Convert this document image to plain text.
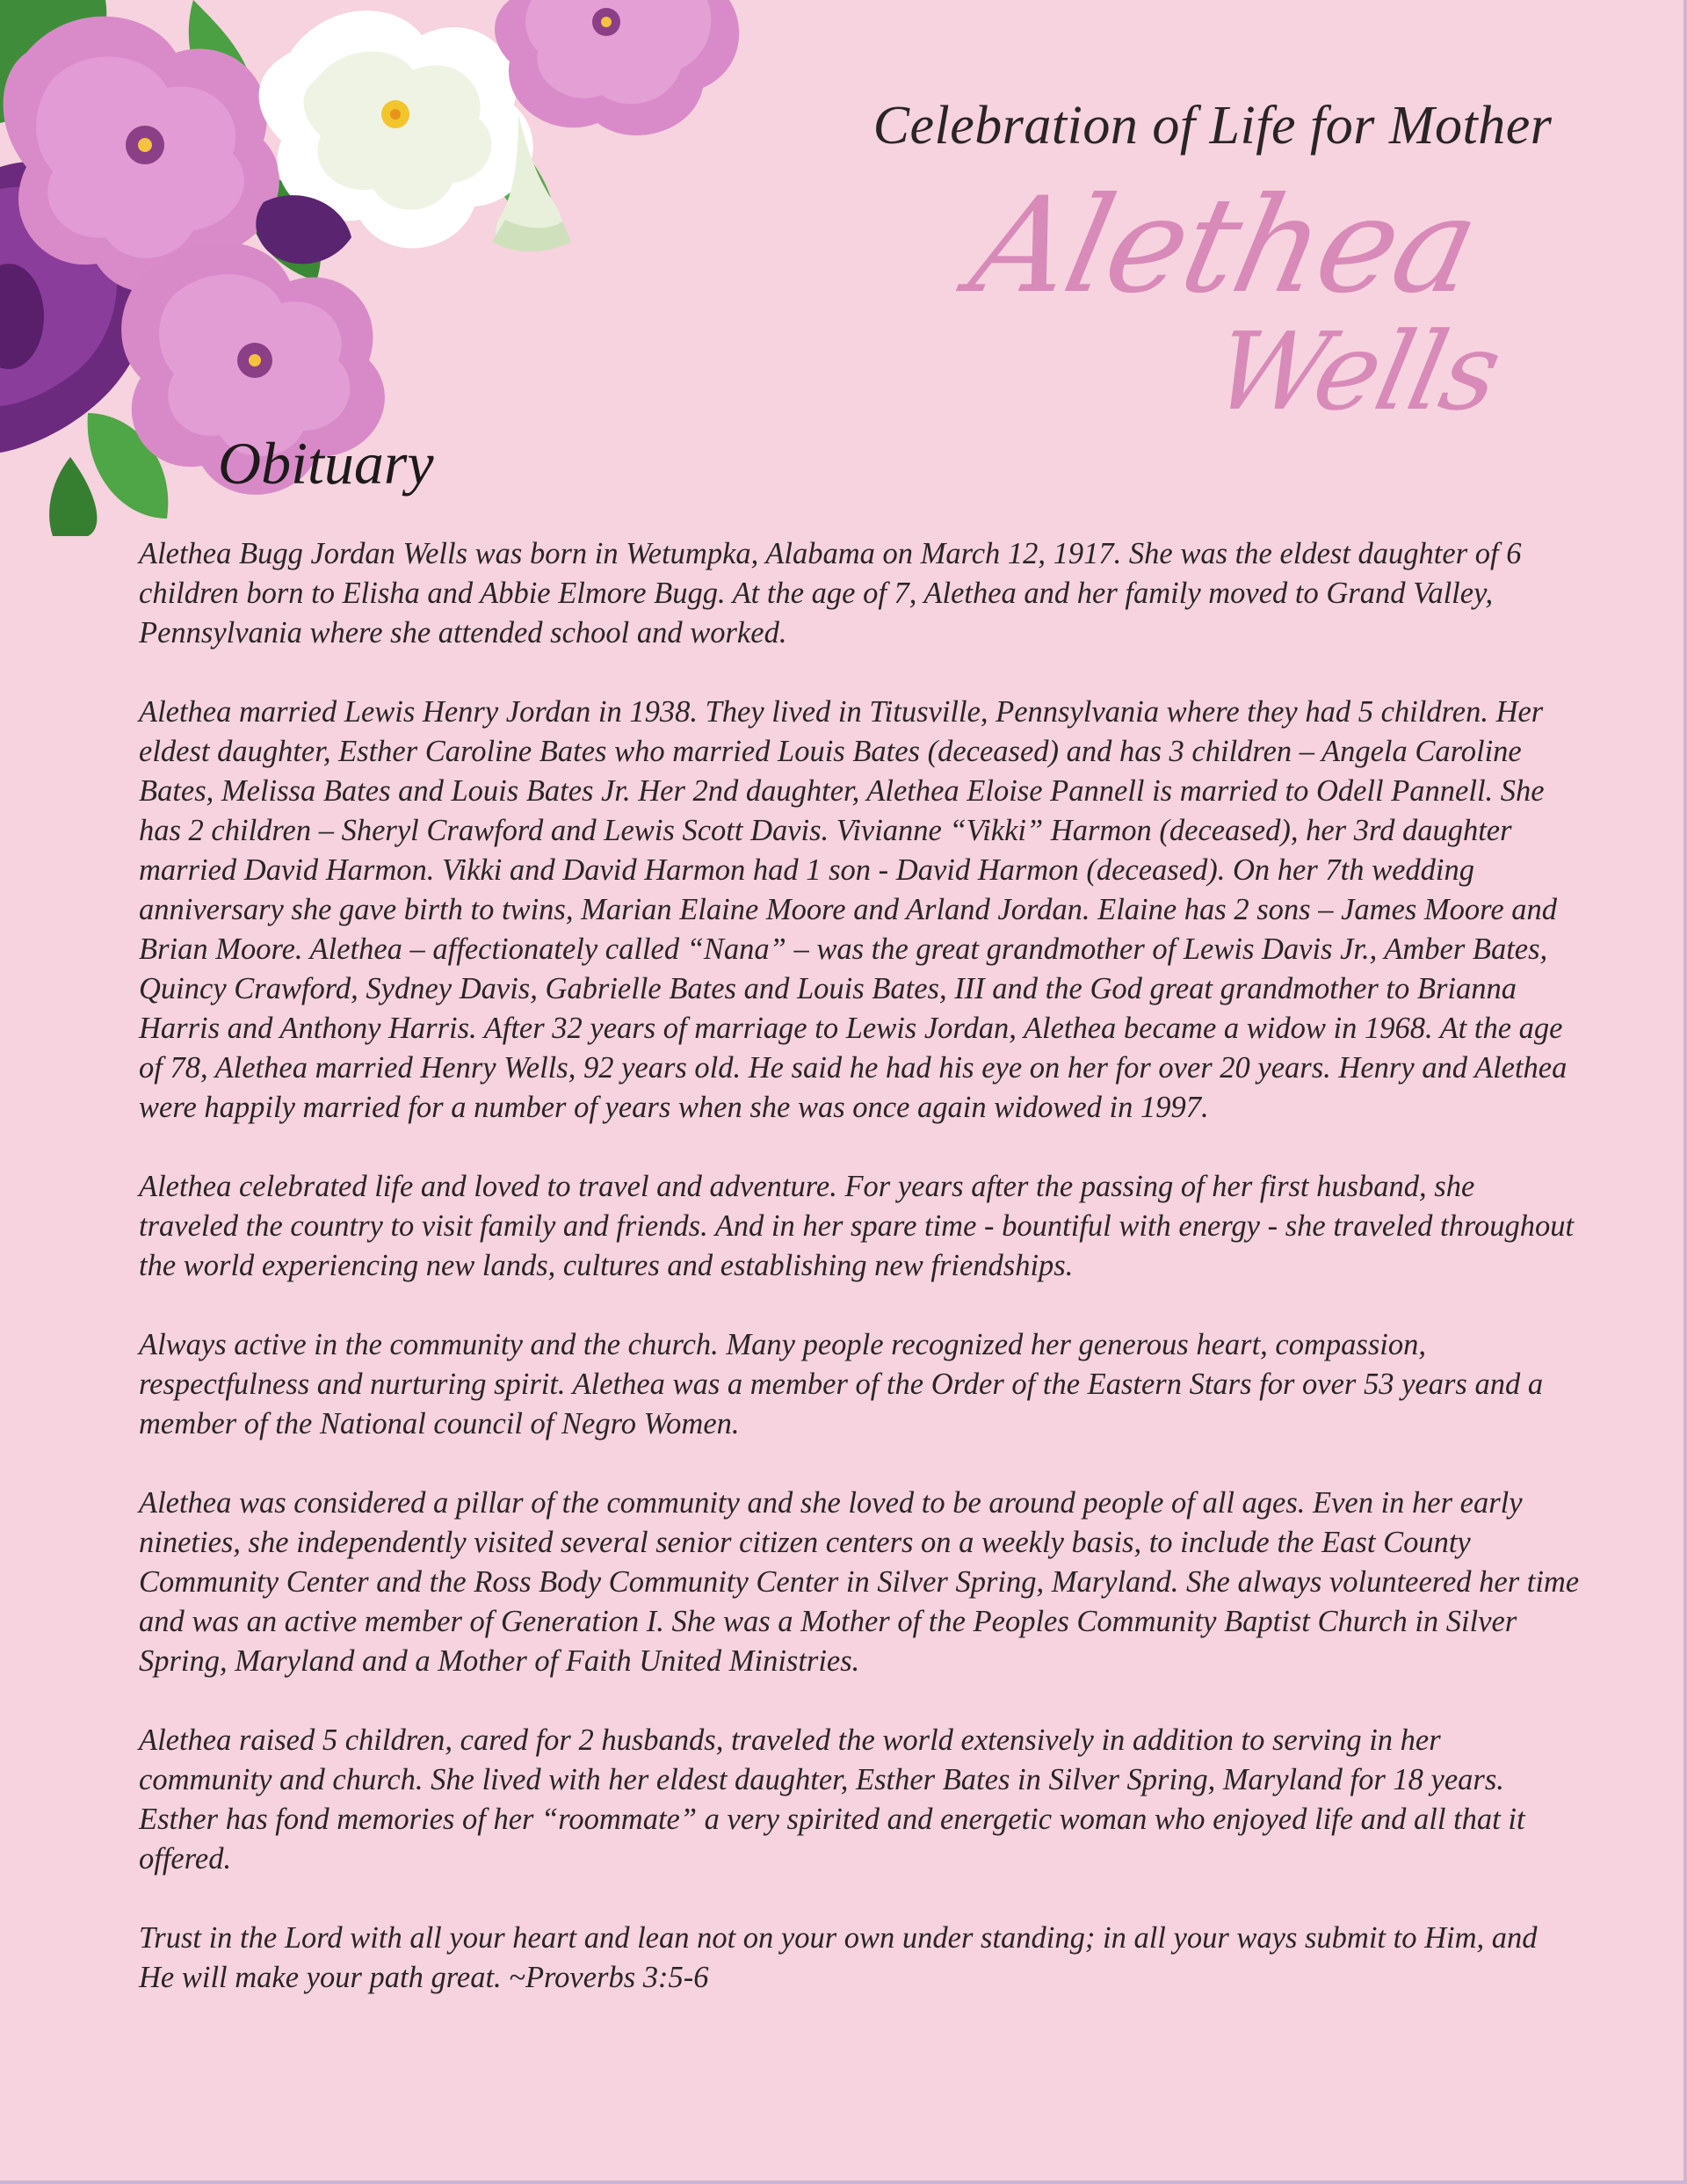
Celebration of Life for Mother
Alethea
Wells
Obituary

Alethea Bugg Jordan Wells was born in Wetumpka, Alabama on March 12, 1917. She was the eldest daughter of 6 children born to Elisha and Abbie Elmore Bugg. At the age of 7, Alethea and her family moved to Grand Valley, Pennsylvania where she attended school and worked.

Alethea married Lewis Henry Jordan in 1938. They lived in Titusville, Pennsylvania where they had 5 children. Her eldest daughter, Esther Caroline Bates who married Louis Bates (deceased) and has 3 children – Angela Caroline Bates, Melissa Bates and Louis Bates Jr. Her 2nd daughter, Alethea Eloise Pannell is married to Odell Pannell. She has 2 children – Sheryl Crawford and Lewis Scott Davis. Vivianne “Vikki” Harmon (deceased), her 3rd daughter married David Harmon. Vikki and David Harmon had 1 son - David Harmon (deceased). On her 7th wedding anniversary she gave birth to twins, Marian Elaine Moore and Arland Jordan. Elaine has 2 sons – James Moore and Brian Moore. Alethea – affectionately called “Nana” – was the great grandmother of Lewis Davis Jr., Amber Bates, Quincy Crawford, Sydney Davis, Gabrielle Bates and Louis Bates, III and the God great grandmother to Brianna Harris and Anthony Harris. After 32 years of marriage to Lewis Jordan, Alethea became a widow in 1968. At the age of 78, Alethea married Henry Wells, 92 years old. He said he had his eye on her for over 20 years. Henry and Alethea were happily married for a number of years when she was once again widowed in 1997.

Alethea celebrated life and loved to travel and adventure. For years after the passing of her first husband, she traveled the country to visit family and friends. And in her spare time - bountiful with energy - she traveled throughout the world experiencing new lands, cultures and establishing new friendships.

Always active in the community and the church. Many people recognized her generous heart, compassion, respectfulness and nurturing spirit. Alethea was a member of the Order of the Eastern Stars for over 53 years and a member of the National council of Negro Women.

Alethea was considered a pillar of the community and she loved to be around people of all ages. Even in her early nineties, she independently visited several senior citizen centers on a weekly basis, to include the East County Community Center and the Ross Body Community Center in Silver Spring, Maryland. She always volunteered her time and was an active member of Generation I. She was a Mother of the Peoples Community Baptist Church in Silver Spring, Maryland and a Mother of Faith United Ministries.

Alethea raised 5 children, cared for 2 husbands, traveled the world extensively in addition to serving in her community and church. She lived with her eldest daughter, Esther Bates in Silver Spring, Maryland for 18 years. Esther has fond memories of her “roommate” a very spirited and energetic woman who enjoyed life and all that it offered.

Trust in the Lord with all your heart and lean not on your own under standing; in all your ways submit to Him, and He will make your path great. ~Proverbs 3:5-6
